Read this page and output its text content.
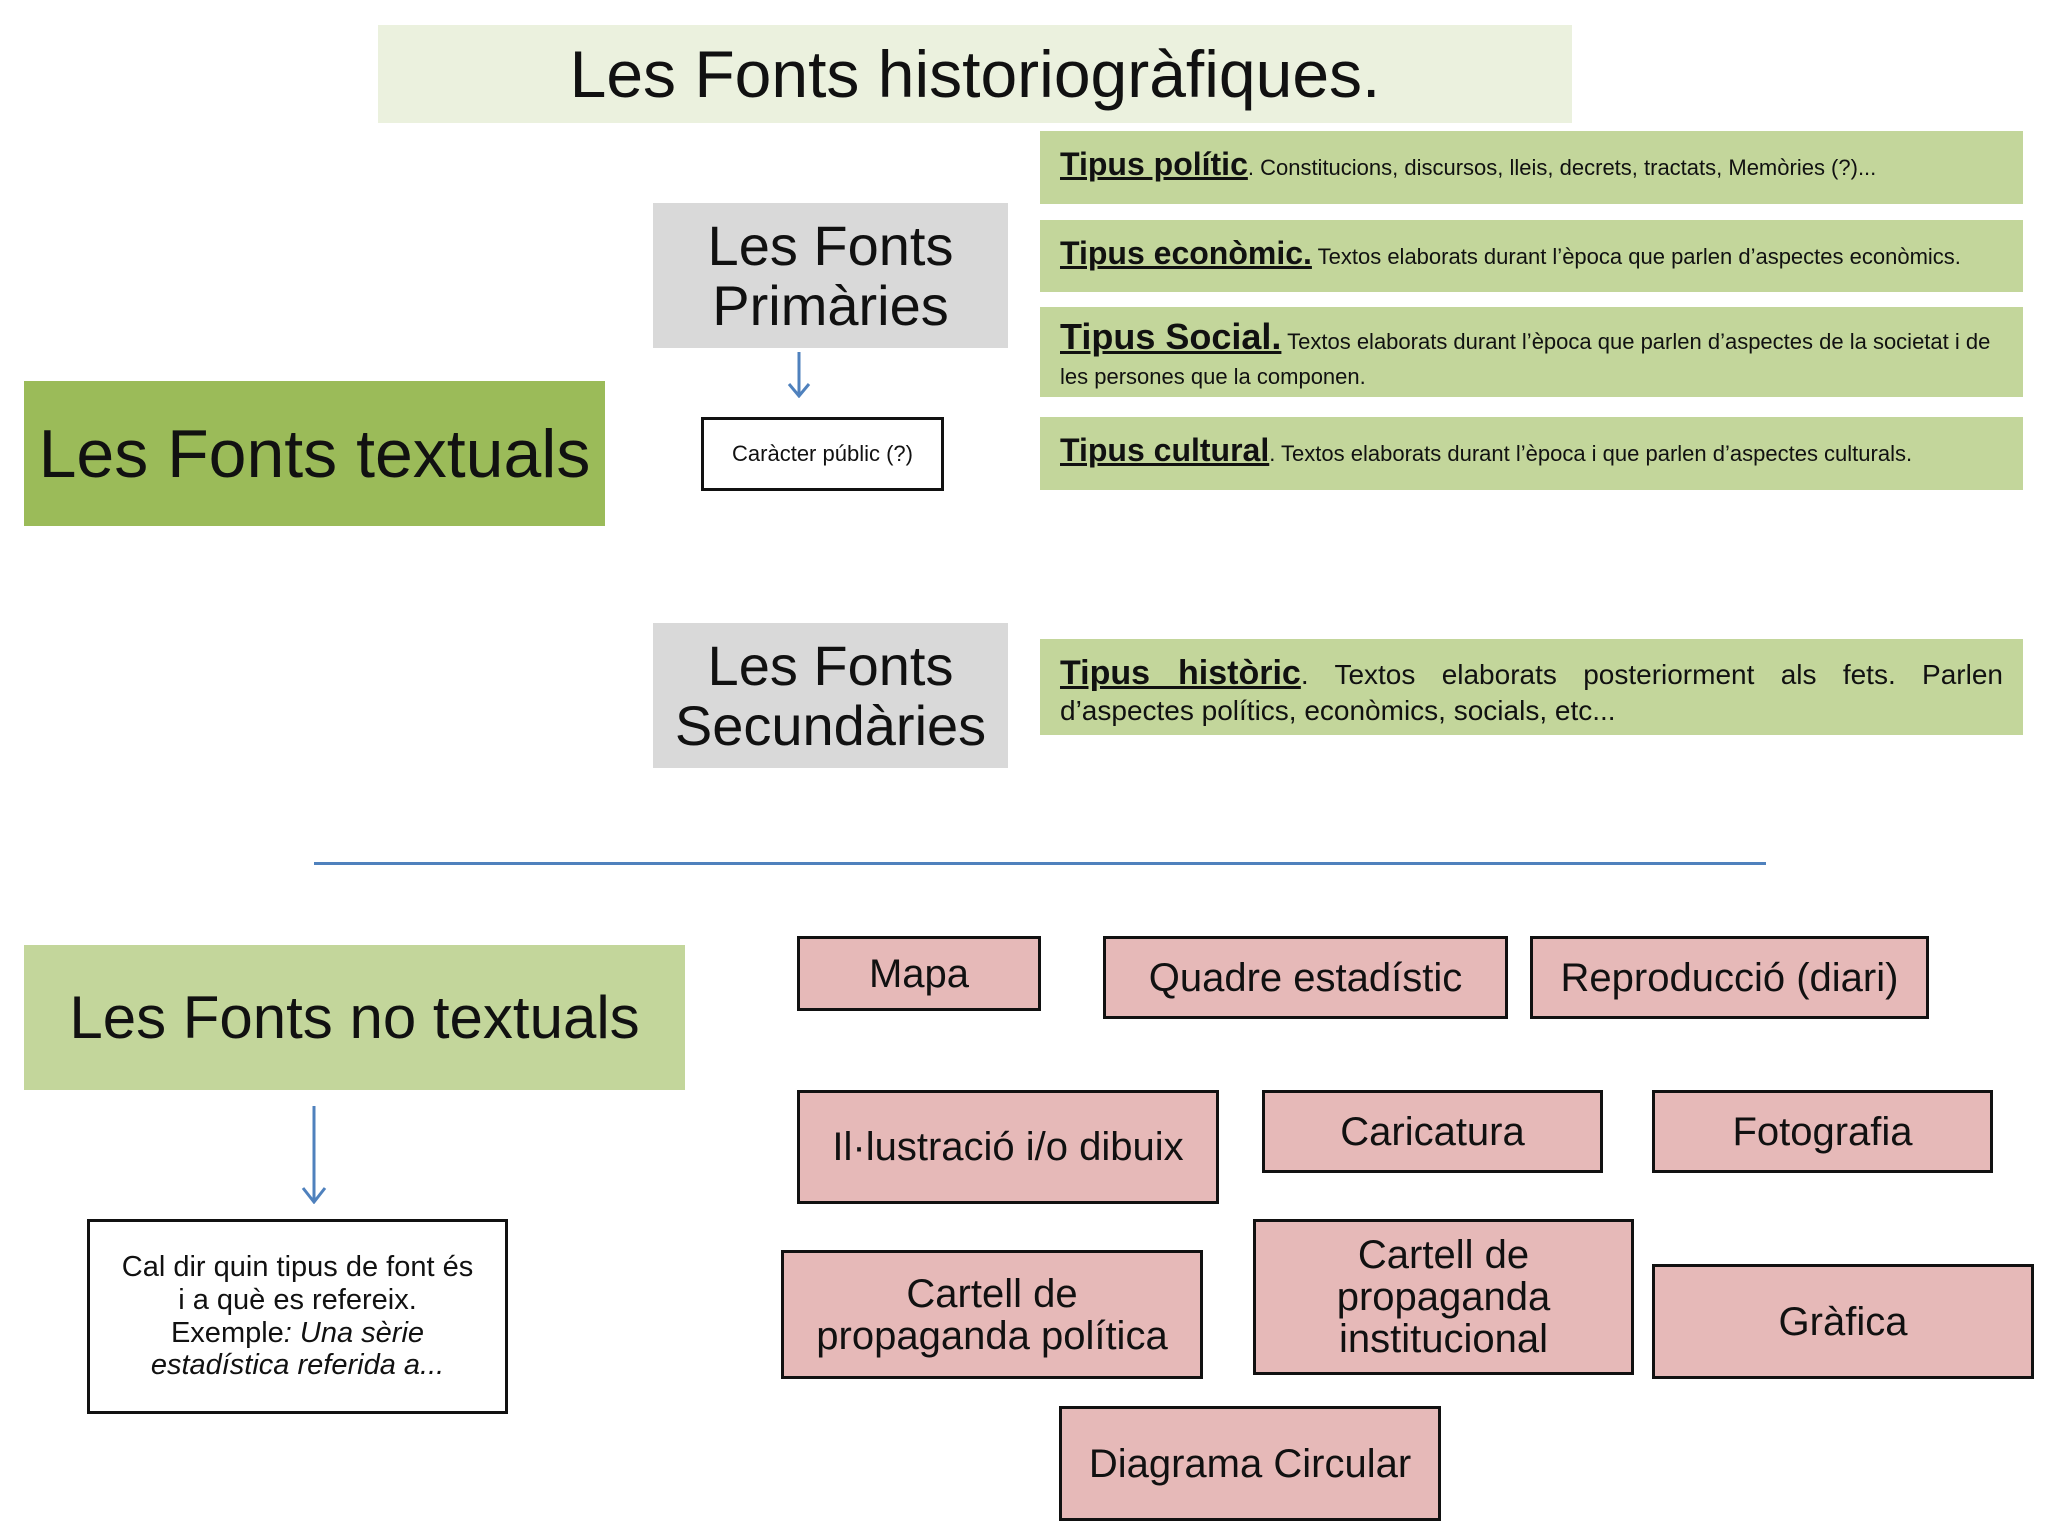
Les Fonts historiogràfiques.
Les Fonts textuals
Les Fonts
Primàries
Caràcter públic (?)
Tipus polític. Constitucions, discursos, lleis, decrets, tractats, Memòries (?)...
Tipus econòmic. Textos elaborats durant l’època que parlen d’aspectes econòmics.
Tipus Social. Textos elaborats durant l’època que parlen d’aspectes de la societat i de les persones que la componen.
Tipus cultural. Textos elaborats durant l’època i que parlen d’aspectes culturals.
Les Fonts
Secundàries
Tipus històric. Textos elaborats posteriorment als fets. Parlen
d’aspectes polítics, econòmics, socials, etc...
Les Fonts no textuals
Cal dir quin tipus de font és
i a què es refereix.
Exemple: Una sèrie
estadística referida a...
Mapa	Quadre estadístic Reproducció (diari)
Il·lustració i/o dibuix	Caricatura	Fotografia
Cartell de
propaganda política
Cartell de
propaganda
institucional	Gràfica
Diagrama Circular
